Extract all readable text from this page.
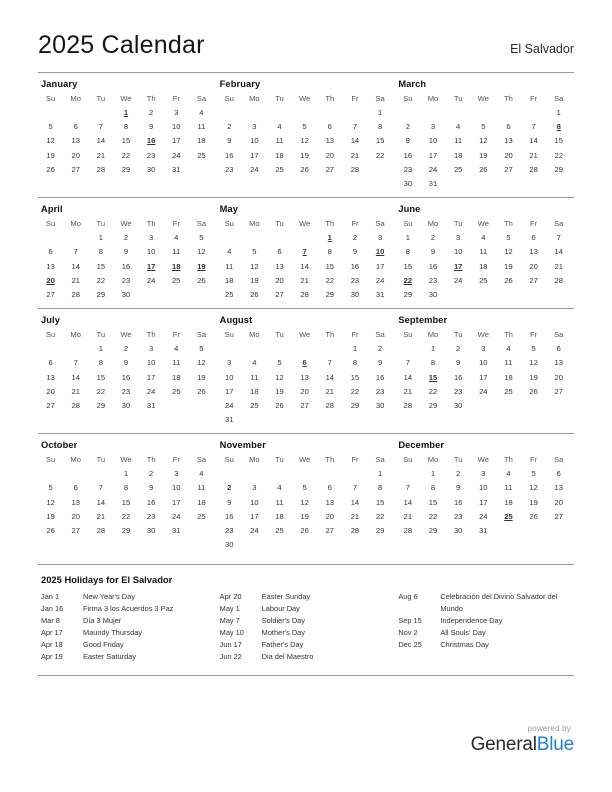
2025 Calendar	El Salvador
January
Su	Mo	Tu	We	Th	Fr	Sa
			1	2	3	4
5	6	7	8	9	10	11
12	13	14	15	16	17	18
19	20	21	22	23	24	25
26	27	28	29	30	31	
February
Su	Mo	Tu	We	Th	Fr	Sa
						1
2	3	4	5	6	7	8
9	10	11	12	13	14	15
16	17	18	19	20	21	22
23	24	25	26	27	28	
March
Su	Mo	Tu	We	Th	Fr	Sa
						1
2	3	4	5	6	7	8
9	10	11	12	13	14	15
16	17	18	19	20	21	22
23	24	25	26	27	28	29
30	31					
April
Su	Mo	Tu	We	Th	Fr	Sa
		1	2	3	4	5
6	7	8	9	10	11	12
13	14	15	16	17	18	19
20	21	22	23	24	25	26
27	28	29	30			
May
Su	Mo	Tu	We	Th	Fr	Sa
				1	2	3
4	5	6	7	8	9	10
11	12	13	14	15	16	17
18	19	20	21	22	23	24
25	26	27	28	29	30	31
June
Su	Mo	Tu	We	Th	Fr	Sa
1	2	3	4	5	6	7
8	9	10	11	12	13	14
15	16	17	18	19	20	21
22	23	24	25	26	27	28
29	30					
July
Su	Mo	Tu	We	Th	Fr	Sa
		1	2	3	4	5
6	7	8	9	10	11	12
13	14	15	16	17	18	19
20	21	22	23	24	25	26
27	28	29	30	31		
August
Su	Mo	Tu	We	Th	Fr	Sa
					1	2
3	4	5	6	7	8	9
10	11	12	13	14	15	16
17	18	19	20	21	22	23
24	25	26	27	28	29	30
31						
September
Su	Mo	Tu	We	Th	Fr	Sa
	1	2	3	4	5	6
7	8	9	10	11	12	13
14	15	16	17	18	19	20
21	22	23	24	25	26	27
28	29	30				
October
Su	Mo	Tu	We	Th	Fr	Sa
			1	2	3	4
5	6	7	8	9	10	11
12	13	14	15	16	17	18
19	20	21	22	23	24	25
26	27	28	29	30	31	
November
Su	Mo	Tu	We	Th	Fr	Sa
						1
2	3	4	5	6	7	8
9	10	11	12	13	14	15
16	17	18	19	20	21	22
23	24	25	26	27	28	29
30						
December
Su	Mo	Tu	We	Th	Fr	Sa
	1	2	3	4	5	6
7	8	9	10	11	12	13
14	15	16	17	18	19	20
21	22	23	24	25	26	27
28	29	30	31			
2025 Holidays for El Salvador
Jan 1	New Year's Day
Jan 16	Firma 3 los Acuerdos 3 Paz
Mar 8	Día 3 Mujer
Apr 17	Maundy Thursday
Apr 18	Good Friday
Apr 19	Easter Saturday
Apr 20	Easter Sunday
May 1	Labour Day
May 7	Soldier's Day
May 10	Mother's Day
Jun 17	Father's Day
Jun 22	Dia del Maestro
Aug 6	Celebración del Divino Salvador del Mundo
Sep 15	Independence Day
Nov 2	All Souls' Day
Dec 25	Christmas Day
powered by
GeneralBlue
